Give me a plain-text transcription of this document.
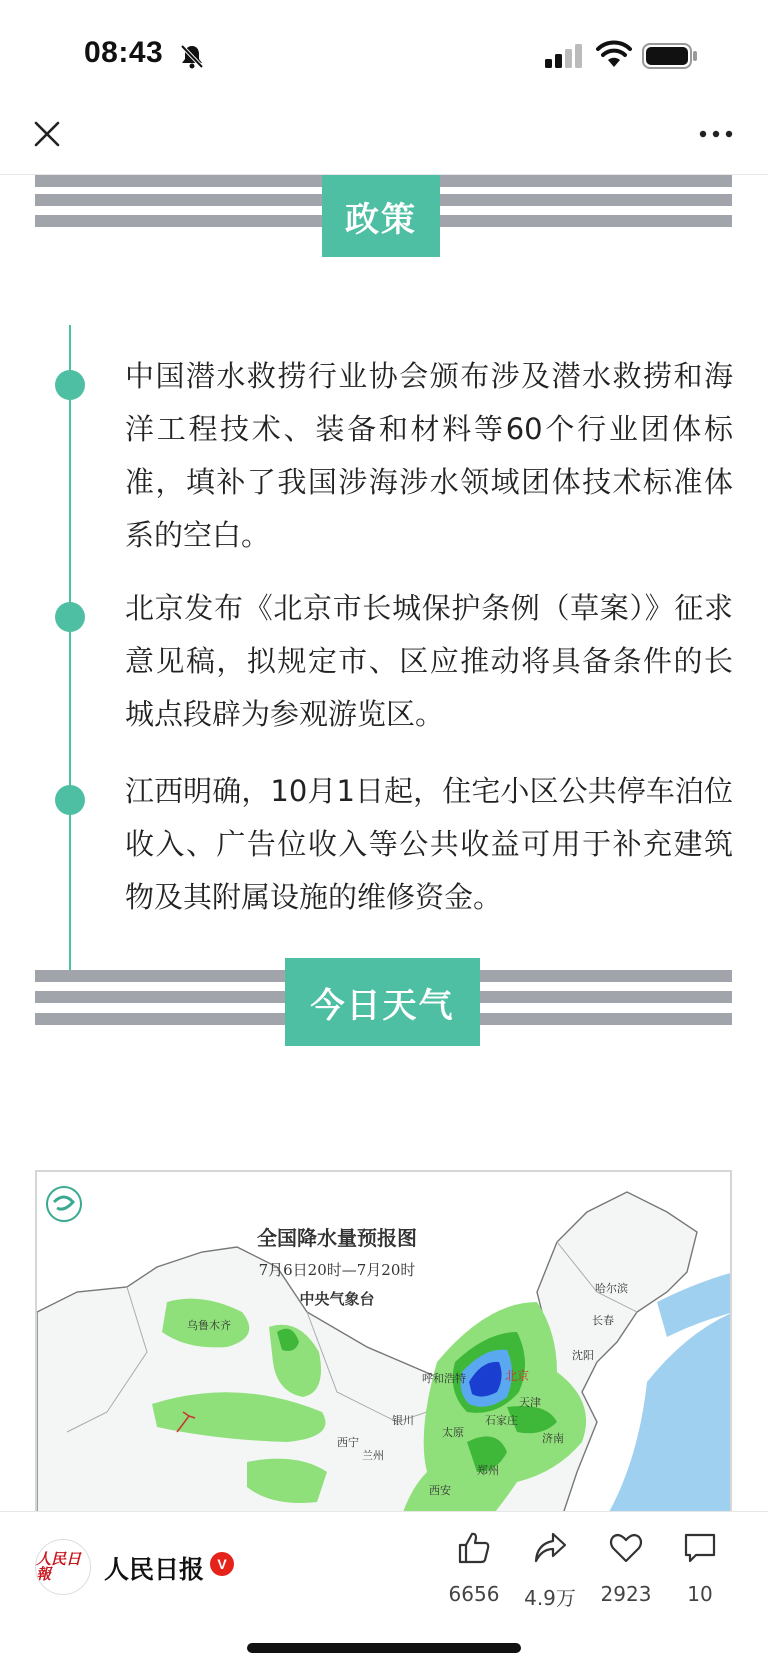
08:43
政策
中国潜水救捞行业协会颁布涉及潜水救捞和海洋工程技术、装备和材料等60个行业团体标准，填补了我国涉海涉水领域团体技术标准体系的空白。
北京发布《北京市长城保护条例（草案）》征求意见稿，拟规定市、区应推动将具备条件的长城点段辟为参观游览区。
江西明确，10月1日起，住宅小区公共停车泊位收入、广告位收入等公共收益可用于补充建筑物及其附属设施的维修资金。
今日天气
全国降水量预报图
7月6日20时—7月20时
中央气象台
乌鲁木齐
哈尔滨
长春
沈阳
呼和浩特	北京
天津
银川	石家庄
济南
西宁
兰州
太原
郑州
西安
人民日報	人民日报 V
6656	4.9万	2923	10
